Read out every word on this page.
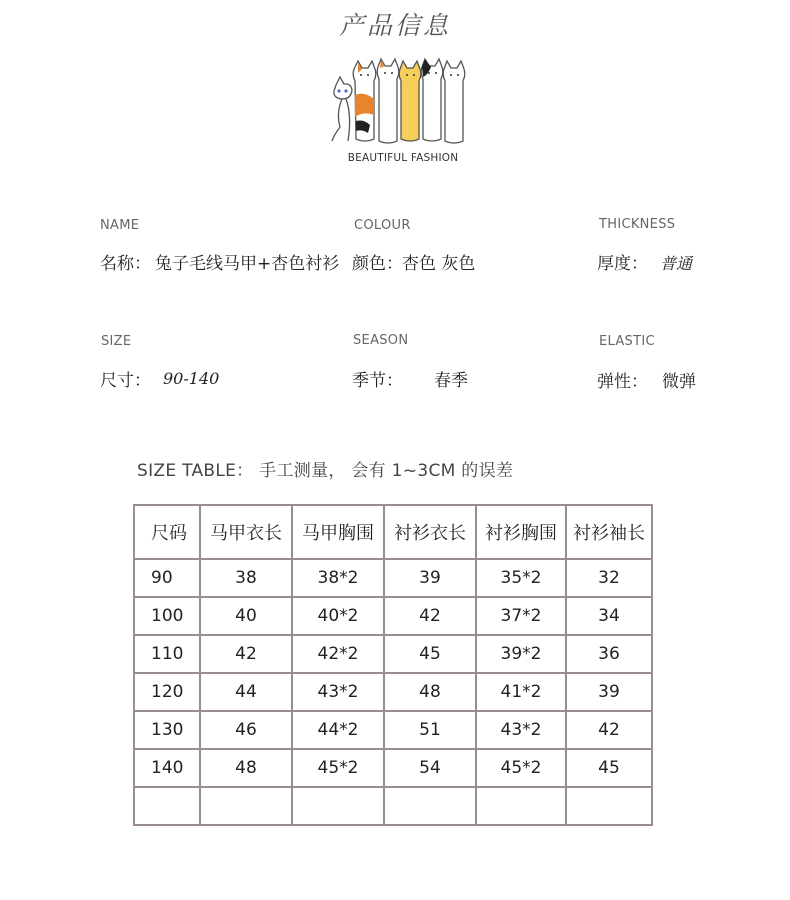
产品信息
BEAUTIFUL FASHION
NAME
名称： 兔子毛线马甲+杏色衬衫
COLOUR
颜色： 杏色 灰色
THICKNESS
厚度： 普通
SIZE
尺寸： 90-140
SEASON
季节： 春季
ELASTIC
弹性： 微弹
SIZE TABLE： 手工测量， 会有 1~3CM 的误差
尺码	马甲衣长	马甲胸围	衬衫衣长	衬衫胸围	衬衫袖长
90	38	38*2	39	35*2	32
100	40	40*2	42	37*2	34
110	42	42*2	45	39*2	36
120	44	43*2	48	41*2	39
130	46	44*2	51	43*2	42
140	48	45*2	54	45*2	45
